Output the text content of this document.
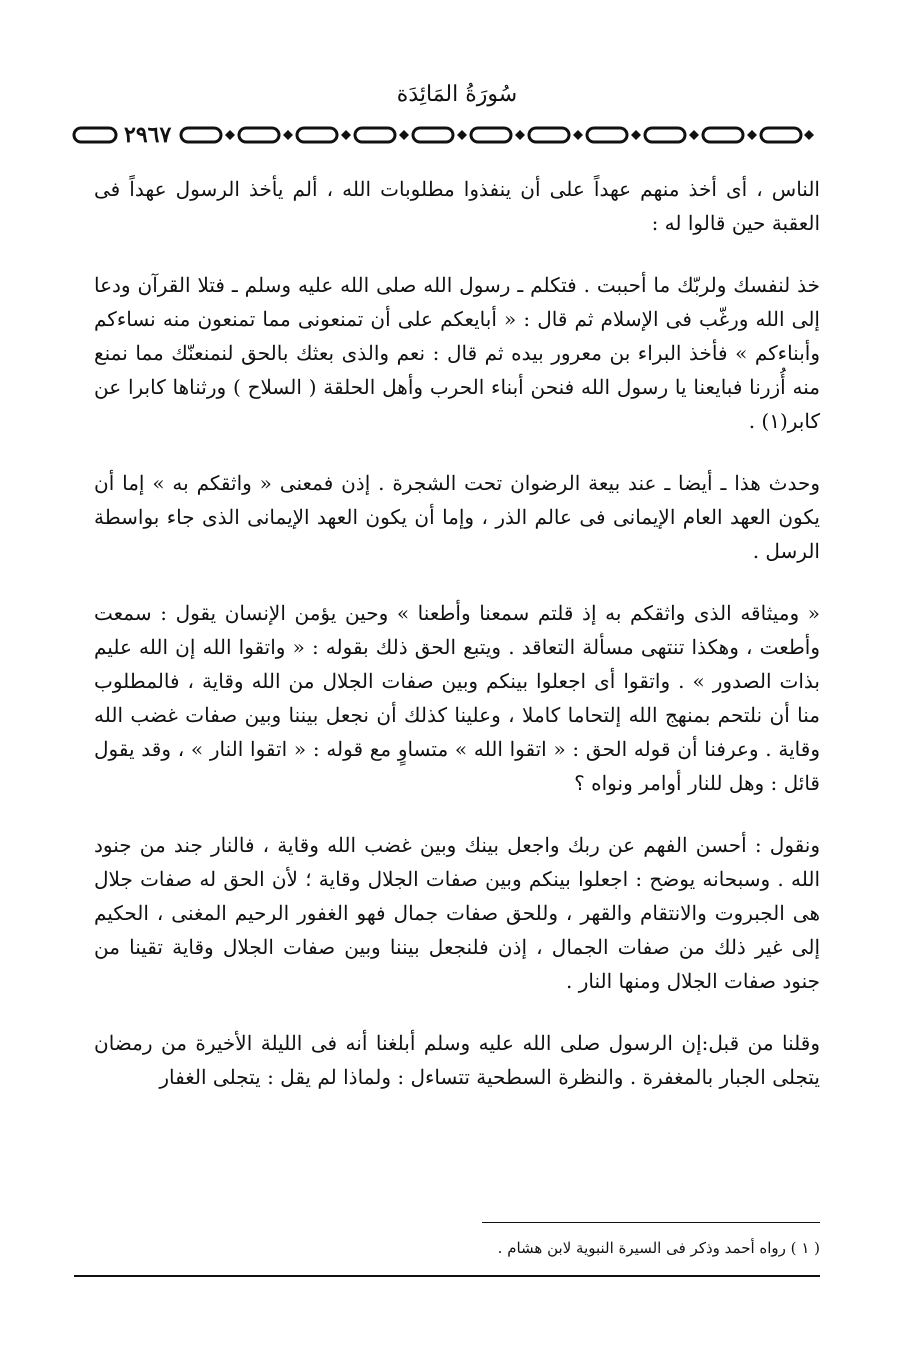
سُورَةُ المَائِدَة
٢٩٦٧

الناس ، أى أخذ منهم عهداً على أن ينفذوا مطلوبات الله ، ألم يأخذ الرسول عهداً فى العقبة حين قالوا له :

خذ لنفسك ولربّك ما أحببت . فتكلم ـ رسول الله صلى الله عليه وسلم ـ فتلا القرآن ودعا إلى الله ورغّب فى الإسلام ثم قال : « أبايعكم على أن تمنعونى مما تمنعون منه نساءكم وأبناءكم » فأخذ البراء بن معرور بيده ثم قال : نعم والذى بعثك بالحق لنمنعنّك مما نمنع منه أُزرنا فبايعنا يا رسول الله فنحن أبناء الحرب وأهل الحلقة ( السلاح ) ورثناها كابرا عن كابر(١) .

وحدث هذا ـ أيضا ـ عند بيعة الرضوان تحت الشجرة . إذن فمعنى « واثقكم به » إما أن يكون العهد العام الإيمانى فى عالم الذر ، وإما أن يكون العهد الإيمانى الذى جاء بواسطة الرسل .

« وميثاقه الذى واثقكم به إذ قلتم سمعنا وأطعنا » وحين يؤمن الإنسان يقول : سمعت وأطعت ، وهكذا تنتهى مسألة التعاقد . ويتبع الحق ذلك بقوله : « واتقوا الله إن الله عليم بذات الصدور » . واتقوا أى اجعلوا بينكم وبين صفات الجلال من الله وقاية ، فالمطلوب منا أن نلتحم بمنهج الله إلتحاما كاملا ، وعلينا كذلك أن نجعل بيننا وبين صفات غضب الله وقاية . وعرفنا أن قوله الحق : « اتقوا الله » متساوٍ مع قوله : « اتقوا النار » ، وقد يقول قائل : وهل للنار أوامر ونواه ؟

ونقول : أحسن الفهم عن ربك واجعل بينك وبين غضب الله وقاية ، فالنار جند من جنود الله . وسبحانه يوضح : اجعلوا بينكم وبين صفات الجلال وقاية ؛ لأن الحق له صفات جلال هى الجبروت والانتقام والقهر ، وللحق صفات جمال فهو الغفور الرحيم المغنى ، الحكيم إلى غير ذلك من صفات الجمال ، إذن فلنجعل بيننا وبين صفات الجلال وقاية تقينا من جنود صفات الجلال ومنها النار .

وقلنا من قبل:إن الرسول صلى الله عليه وسلم أبلغنا أنه فى الليلة الأخيرة من رمضان يتجلى الجبار بالمغفرة . والنظرة السطحية تتساءل : ولماذا لم يقل : يتجلى الغفار

( ١ ) رواه أحمد وذكر فى السيرة النبوية لابن هشام .
